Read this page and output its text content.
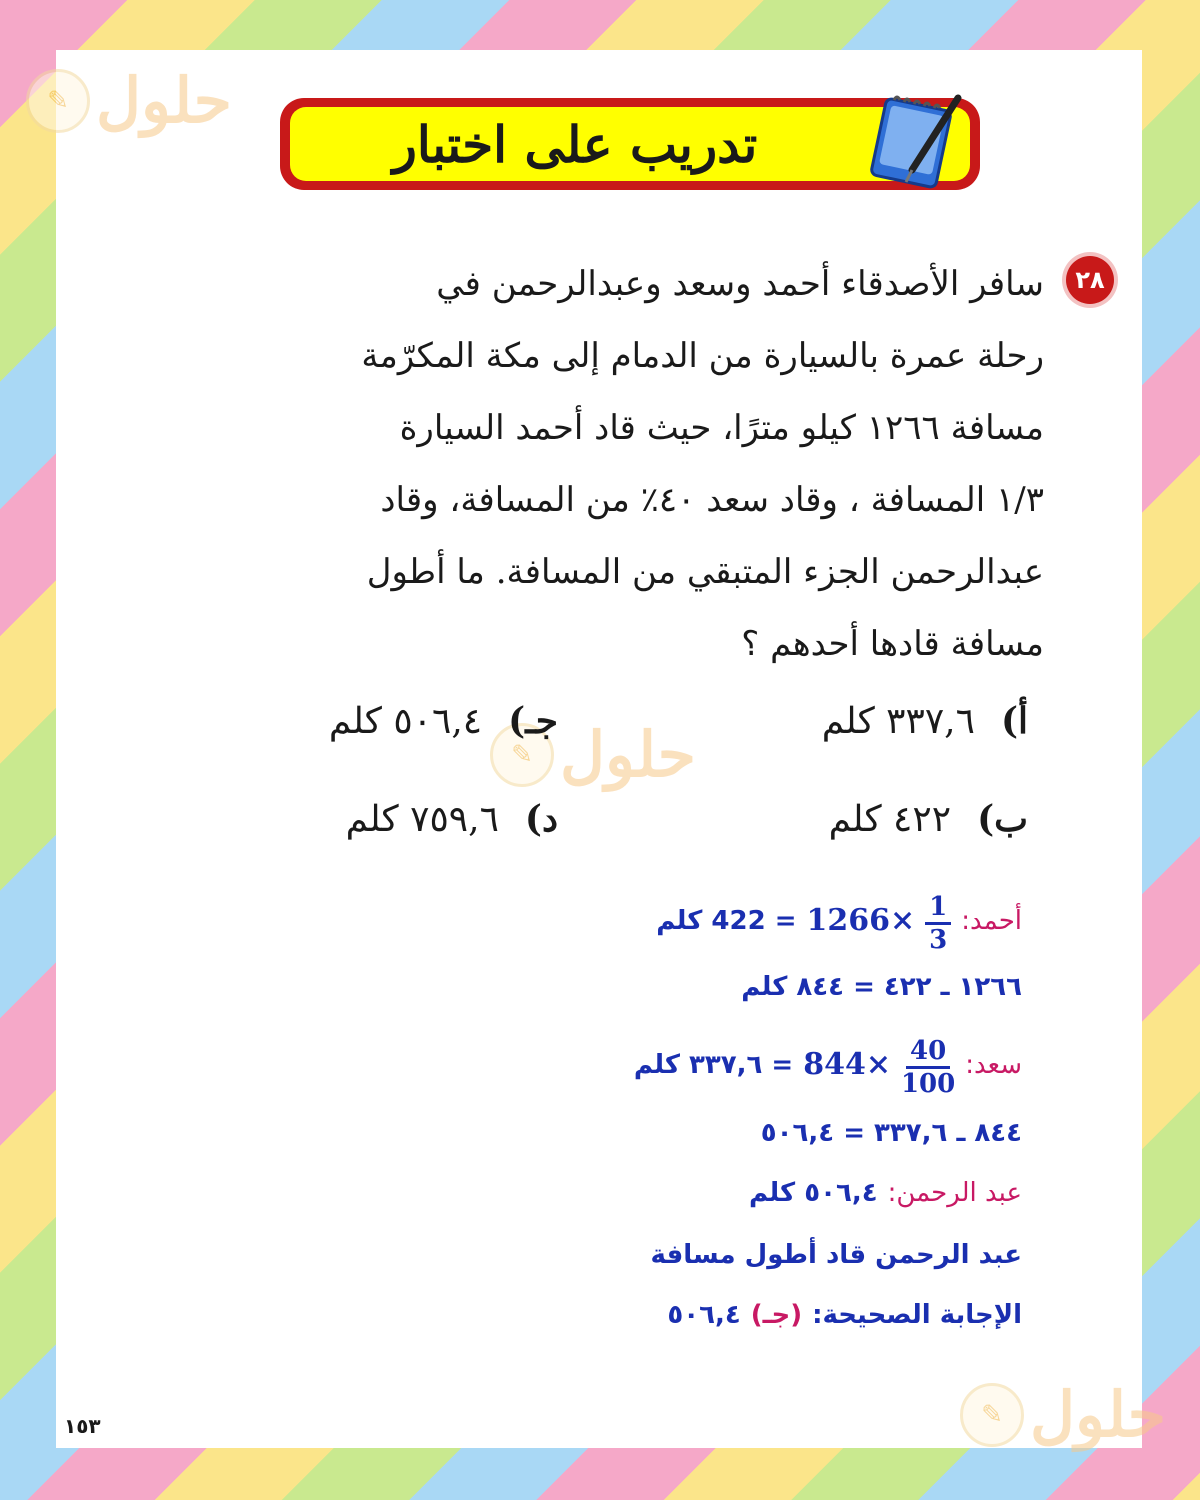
✎ حلول
✎ حلول
✎ حلول
تدريب على اختبار
٢٨
سافر الأصدقاء أحمد وسعد وعبدالرحمن في
رحلة عمرة بالسيارة من الدمام إلى مكة المكرّمة
مسافة ١٢٦٦ كيلو مترًا، حيث قاد أحمد السيارة
١/٣ المسافة ، وقاد سعد ٤٠٪ من المسافة، وقاد
عبدالرحمن الجزء المتبقي من المسافة. ما أطول
مسافة قادها أحدهم ؟
أ)٣٣٧,٦ كلم
جـ)٥٠٦,٤ كلم
ب)٤٢٢ كلم
د)٧٥٩,٦ كلم
أحمد:
$\frac{1}{3}$
1266×
= 422 كلم
١٢٦٦ ـ ٤٢٢ = ٨٤٤ كلم
سعد:
$\frac{40}{100}$
844×
= ٣٣٧,٦ كلم
٨٤٤ ـ ٣٣٧,٦ = ٥٠٦,٤
عبد الرحمن:
٥٠٦,٤ كلم
عبد الرحمن قاد أطول مسافة
الإجابة الصحيحة:
(جـ)
٥٠٦,٤
١٥٣
